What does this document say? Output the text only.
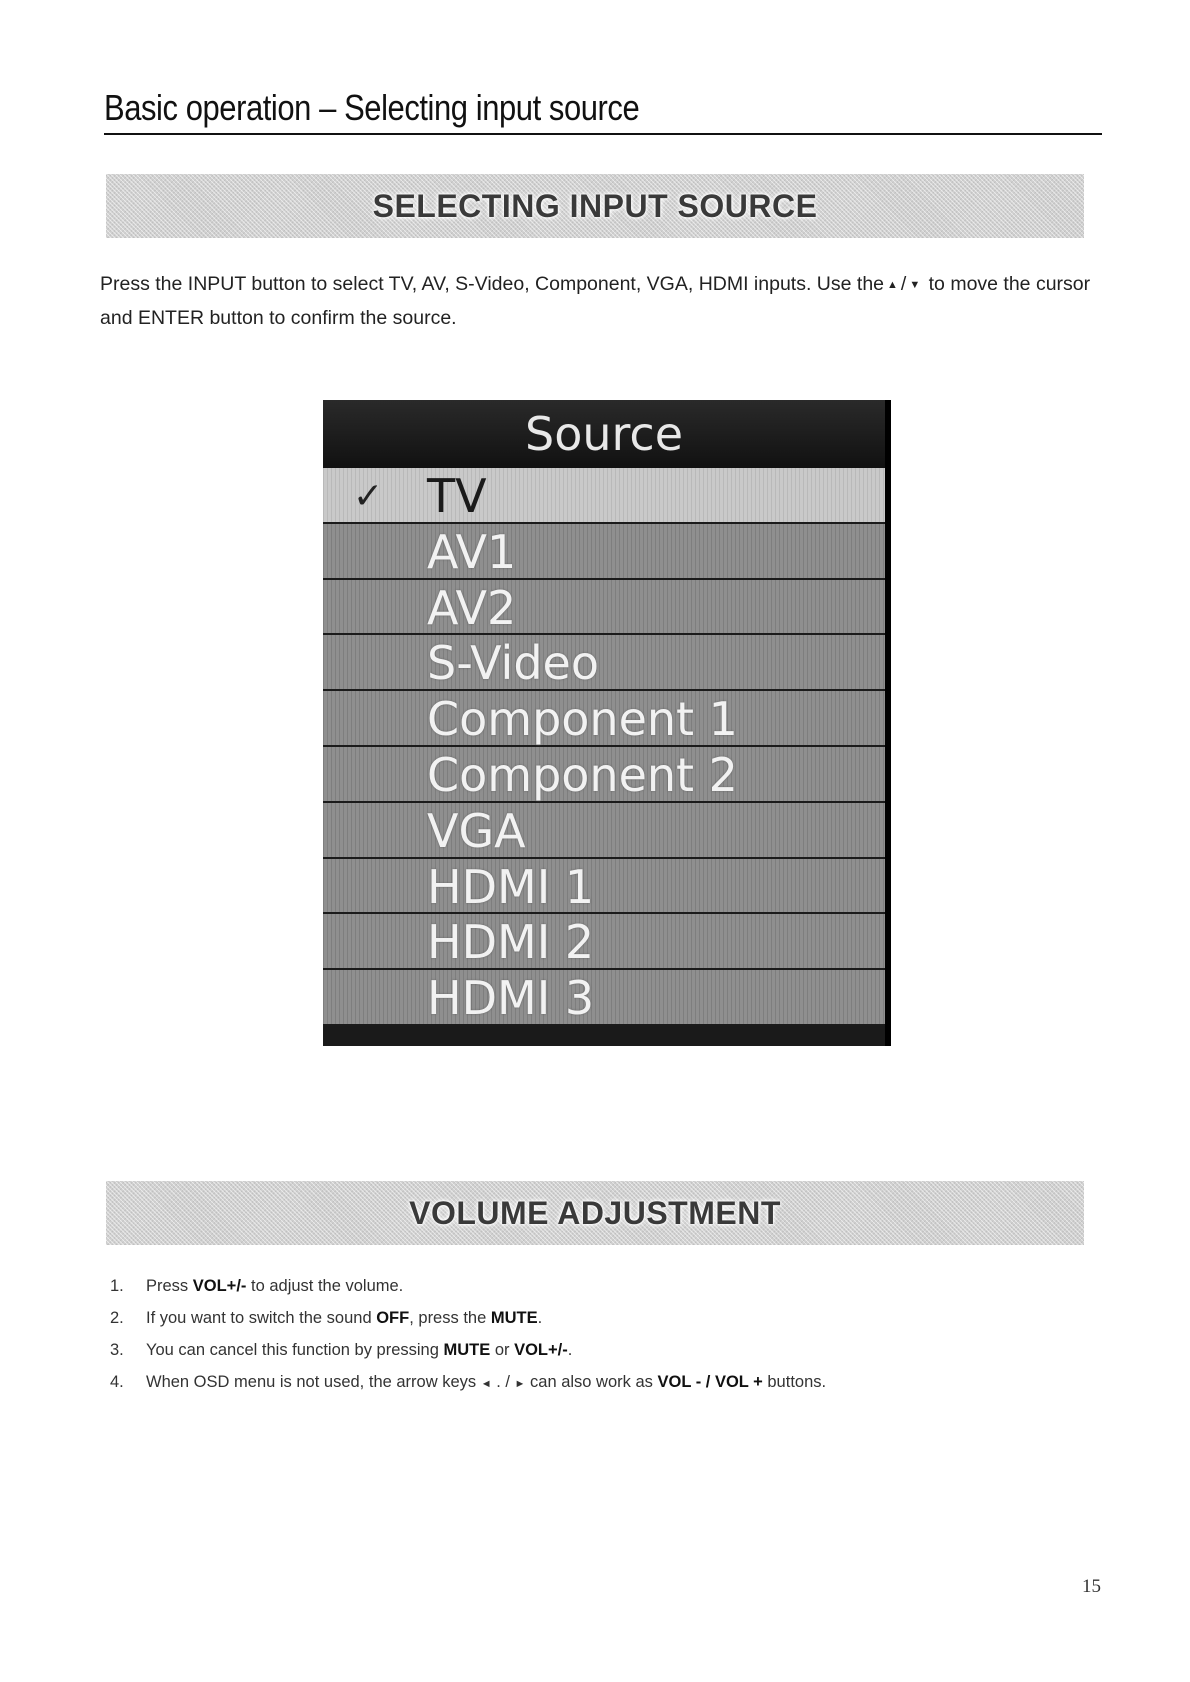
Basic operation – Selecting input source
SELECTING INPUT SOURCE
Press the INPUT button to select TV, AV, S-Video, Component, VGA, HDMI inputs. Use the ▲ / ▼ to move the cursor and ENTER button to confirm the source.
Source
✓ TV
AV1
AV2
S-Video
Component 1
Component 2
VGA
HDMI 1
HDMI 2
HDMI 3
VOLUME ADJUSTMENT
1. Press VOL+/- to adjust the volume.
2. If you want to switch the sound OFF, press the MUTE.
3. You can cancel this function by pressing MUTE or VOL+/-.
4. When OSD menu is not used, the arrow keys ◄ . / ► can also work as VOL - / VOL + buttons.
15
